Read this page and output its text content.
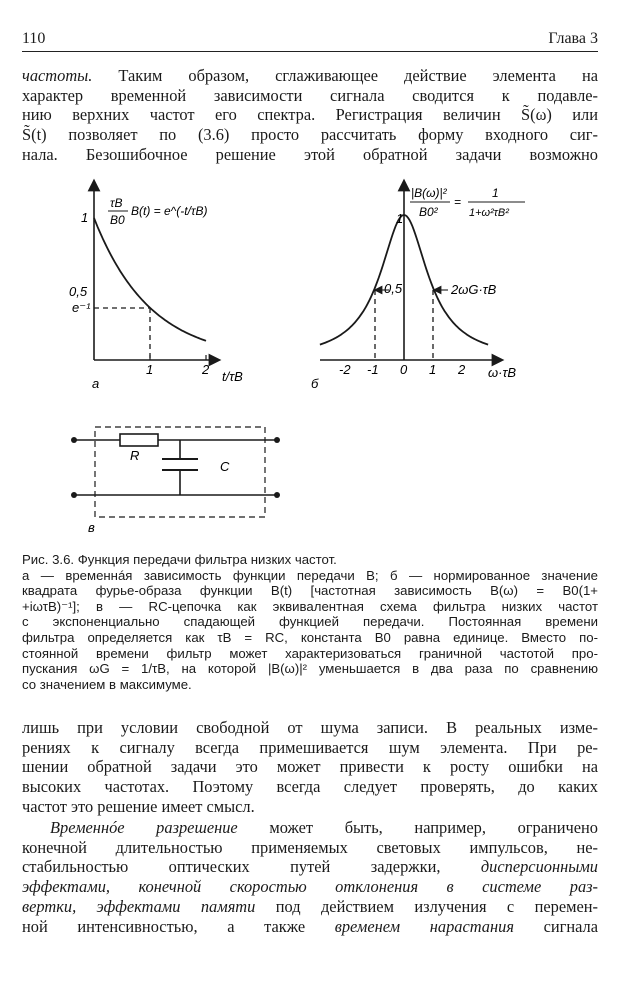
110	Глава 3

частоты. Таким образом, сглаживающее действие элемента на
характер временной зависимости сигнала сводится к подавле-
нию верхних частот его спектра. Регистрация величин S̃(ω) или
S̃(t) позволяет по (3.6) просто рассчитать форму входного сиг-
нала. Безошибочное решение этой обратной задачи возможно

1
0,5
e⁻¹
1	2 t/τB
а
τB
B0
B(t) = e^(-t/τB)	1
0,5	2ωG·τB
-2 -1 0 1 2 ω·τB
б
|B(ω)|²
B0²
=
1
1+ω²τB²
R
C
в
Рис. 3.6. Функция передачи фильтра низких частот.
а — временнáя зависимость функции передачи B; б — нормированное значение
квадрата фурье-образа функции B(t) [частотная зависимость B(ω) = B0(1+
+iωτB)⁻¹]; в — RC-цепочка как эквивалентная схема фильтра низких частот
с экспоненциально спадающей функцией передачи. Постоянная времени
фильтра определяется как τB = RC, константа B0 равна единице. Вместо по-
стоянной времени фильтр может характеризоваться граничной частотой про-
пускания ωG = 1/τB, на которой |B(ω)|² уменьшается в два раза по сравнению
со значением в максимуме.

лишь при условии свободной от шума записи. В реальных изме-
рениях к сигналу всегда примешивается шум элемента. При ре-
шении обратной задачи это может привести к росту ошибки на
высоких частотах. Поэтому всегда следует проверять, до каких
частот это решение имеет смысл.

Временнóе разрешение может быть, например, ограничено
конечной длительностью применяемых световых импульсов, не-
стабильностью оптических путей задержки, дисперсионными
эффектами, конечной скоростью отклонения в системе раз-
вертки, эффектами памяти под действием излучения с перемен-
ной интенсивностью, а также временем нарастания сигнала
